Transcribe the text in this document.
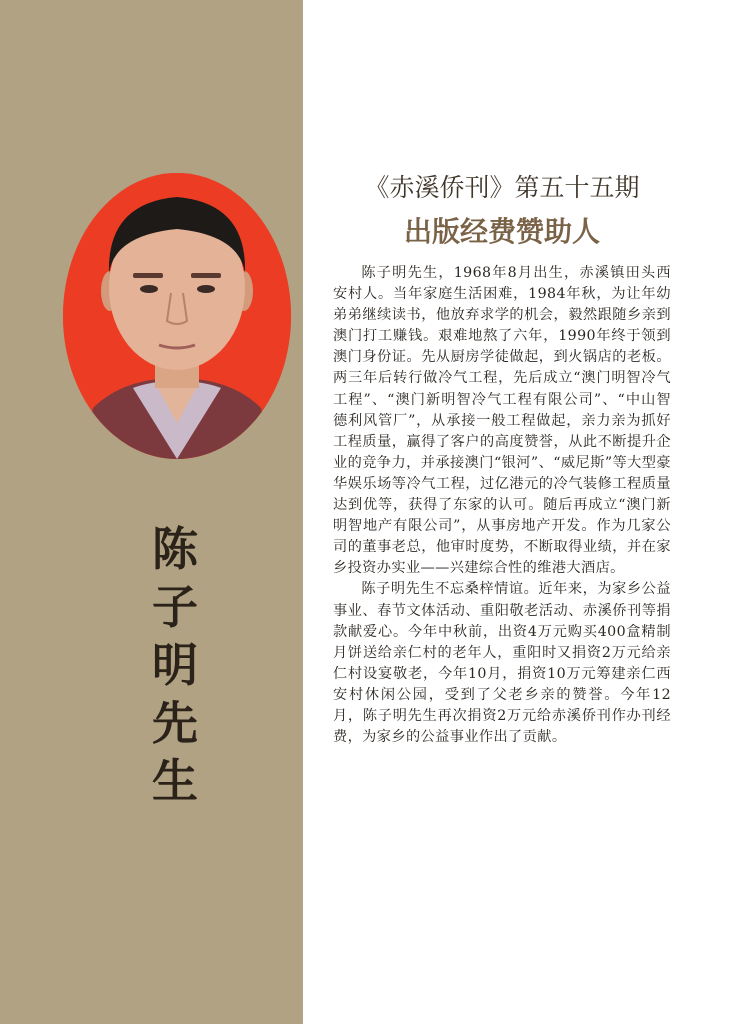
陈
子
明
先
生
《赤溪侨刊》第五十五期
出版经费赞助人

陈子明先生，1968年8月出生，赤溪镇田头西安村人。当年家庭生活困难，1984年秋，为让年幼弟弟继续读书，他放弃求学的机会，毅然跟随乡亲到澳门打工赚钱。艰难地熬了六年，1990年终于领到澳门身份证。先从厨房学徒做起，到火锅店的老板。两三年后转行做冷气工程，先后成立“澳门明智冷气工程”、“澳门新明智冷气工程有限公司”、“中山智 德利风管厂”，从承接一般工程做起，亲力亲为抓好工程质量，赢得了客户的高度赞誉，从此不断提升企业的竞争力，并承接澳门“银河”、“威尼斯”等大型豪华娱乐场等冷气工程，过亿港元的冷气装修工程质量达到优等，获得了东家的认可。随后再成立“澳门新明智地产有限公司”，从事房地产开发。作为几家公司的董事老总，他审时度势，不断取得业绩，并在家乡投资办实业——兴建综合性的维港大酒店。

陈子明先生不忘桑梓情谊。近年来，为家乡公益事业、春节文体活动、重阳敬老活动、赤溪侨刊等捐款献爱心。今年中秋前，出资4万元购买400盒精制月饼送给亲仁村的老年人，重阳时又捐资2万元给亲仁村设宴敬老，今年10月，捐资10万元筹建亲仁西安村休闲公园，受到了父老乡亲的赞誉。今年12月，陈子明先生再次捐资2万元给赤溪侨刊作办刊经费，为家乡的公益事业作出了贡献。
